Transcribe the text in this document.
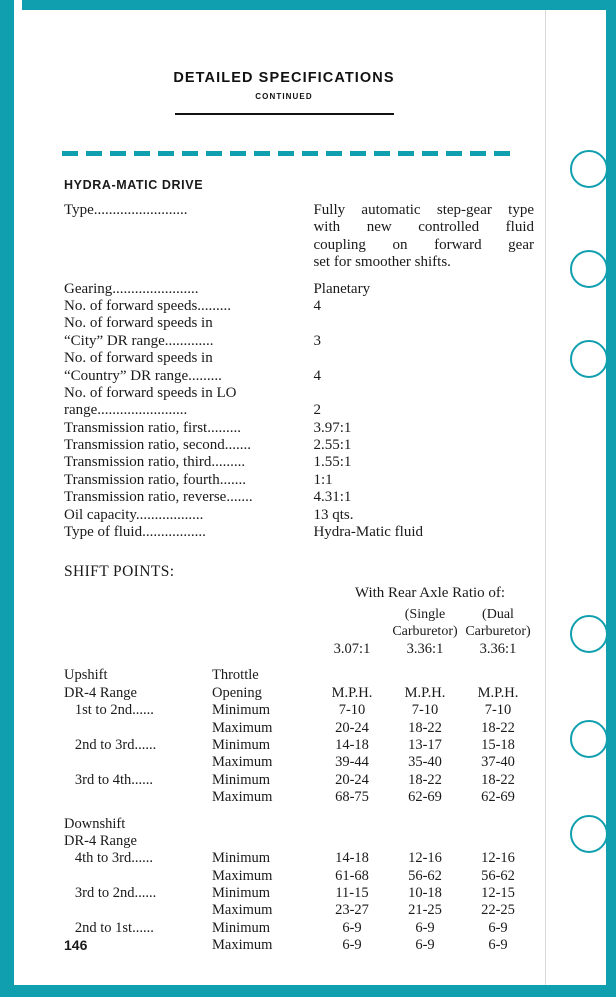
DETAILED SPECIFICATIONS
CONTINUED
HYDRA-MATIC DRIVE
Type.........................	Fully automatic step-gear type
with new controlled fluid
coupling on forward gear
set for smoother shifts.

Gearing.......................	Planetary
No. of forward speeds.........	4
No. of forward speeds in	
“City” DR range.............	3
No. of forward speeds in	
“Country” DR range.........	4
No. of forward speeds in LO	
range........................	2
Transmission ratio, first.........	3.97:1
Transmission ratio, second.......	2.55:1
Transmission ratio, third.........	1.55:1
Transmission ratio, fourth.......	1:1
Transmission ratio, reverse.......	4.31:1
Oil capacity..................	13 qts.
Type of fluid.................	Hydra-Matic fluid
SHIFT POINTS:
With Rear Axle Ratio of:
			(Single	(Dual
			Carburetor)	Carburetor)
		3.07:1	3.36:1	3.36:1

Upshift	Throttle			
DR-4 Range	Opening	M.P.H.	M.P.H.	M.P.H.
1st to 2nd......	Minimum	7-10	7-10	7-10
	Maximum	20-24	18-22	18-22
2nd to 3rd......	Minimum	14-18	13-17	15-18
	Maximum	39-44	35-40	37-40
3rd to 4th......	Minimum	20-24	18-22	18-22
	Maximum	68-75	62-69	62-69

Downshift				
DR-4 Range				
4th to 3rd......	Minimum	14-18	12-16	12-16
	Maximum	61-68	56-62	56-62
3rd to 2nd......	Minimum	11-15	10-18	12-15
	Maximum	23-27	21-25	22-25
2nd to 1st......	Minimum	6-9	6-9	6-9
	Maximum	6-9	6-9	6-9
146
